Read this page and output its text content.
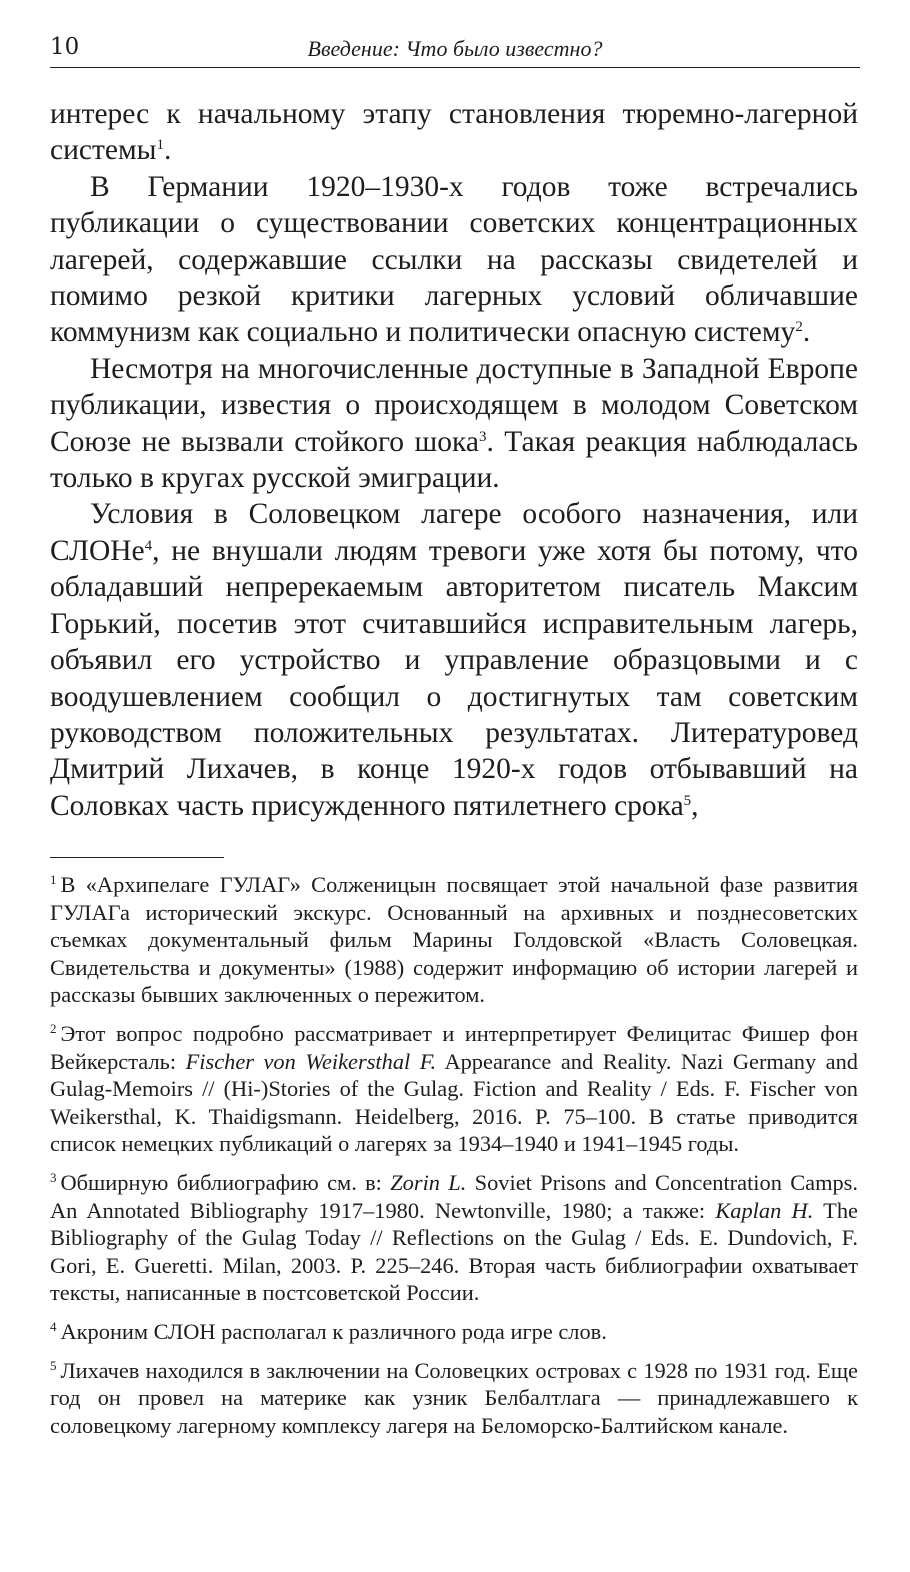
10	Введение: Что было известно?

интерес к начальному этапу становления тюремно-лагерной системы$^1$.

В Германии 1920–1930-х годов тоже встречались публикации о существовании советских концентрационных лагерей, содержавшие ссылки на рассказы свидетелей и помимо резкой критики лагерных условий обличавшие коммунизм как социально и политически опасную систему$^2$.

Несмотря на многочисленные доступные в Западной Европе публикации, известия о происходящем в молодом Советском Союзе не вызвали стойкого шока$^3$. Такая реакция наблюдалась только в кругах русской эмиграции.

Условия в Соловецком лагере особого назначения, или СЛОНе$^4$, не внушали людям тревоги уже хотя бы потому, что обладавший непререкаемым авторитетом писатель Максим Горький, посетив этот считавшийся исправительным лагерь, объявил его устройство и управление образцовыми и с воодушевлением сообщил о достигнутых там советским руководством положительных результатах. Литературовед Дмитрий Лихачев, в конце 1920-х годов отбывавший на Соловках часть присужденного пятилетнего срока$^5$,

$^1$ В «Архипелаге ГУЛАГ» Солженицын посвящает этой начальной фазе развития ГУЛАГа исторический экскурс. Основанный на архивных и позднесоветских съемках документальный фильм Марины Голдовской «Власть Соловецкая. Свидетельства и документы» (1988) содержит информацию об истории лагерей и рассказы бывших заключенных о пережитом.

$^2$ Этот вопрос подробно рассматривает и интерпретирует Фелицитас Фишер фон Вейкерсталь: Fischer von Weikersthal F. Appearance and Reality. Nazi Germany and Gulag-Memoirs // (Hi-)Stories of the Gulag. Fiction and Reality / Eds. F. Fischer von Weikersthal, K. Thaidigsmann. Heidelberg, 2016. P. 75–100. В статье приводится список немецких публикаций о лагерях за 1934–1940 и 1941–1945 годы.

$^3$ Обширную библиографию см. в: Zorin L. Soviet Prisons and Concentration Camps. An Annotated Bibliography 1917–1980. Newtonville, 1980; а также: Kaplan H. The Bibliography of the Gulag Today // Reflections on the Gulag / Eds. E. Dundovich, F. Gori, E. Gueretti. Milan, 2003. P. 225–246. Вторая часть библиографии охватывает тексты, написанные в постсоветской России.

$^4$ Акроним СЛОН располагал к различного рода игре слов.

$^5$ Лихачев находился в заключении на Соловецких островах с 1928 по 1931 год. Еще год он провел на материке как узник Белбалтлага — принадлежавшего к соловецкому лагерному комплексу лагеря на Беломорско-Балтийском канале.
